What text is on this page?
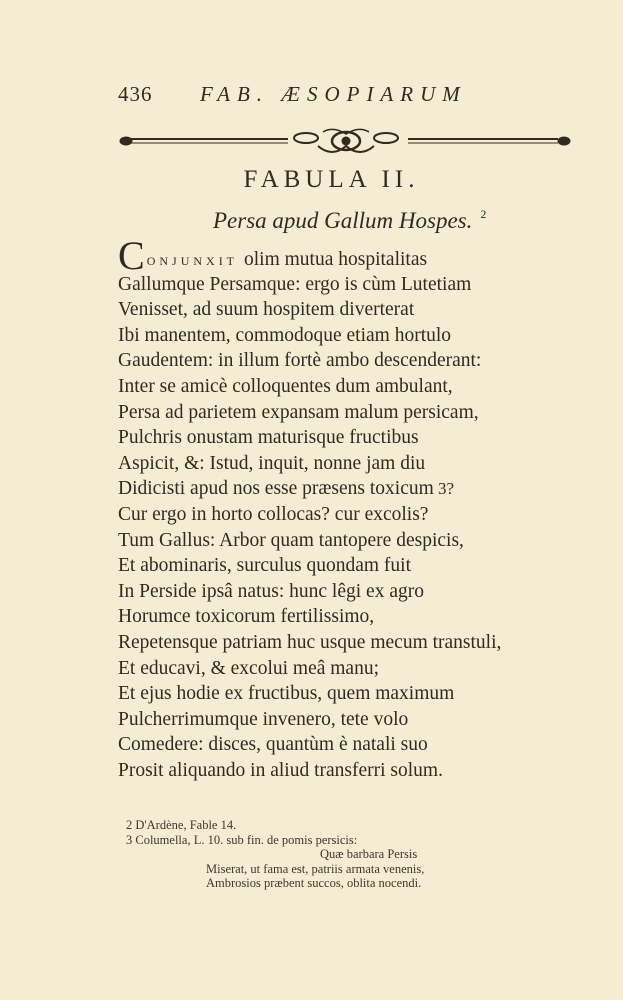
436 FAB. ÆSOPIARUM
FABULA II.
Persa apud Gallum Hospes. $^2$
CONJUNXIT olim mutua hospitalitas
Gallumque Persamque: ergo is cùm Lutetiam
Venisset, ad suum hospitem diverterat
Ibi manentem, commodoque etiam hortulo
Gaudentem: in illum fortè ambo descenderant:
Inter se amicè colloquentes dum ambulant,
Persa ad parietem expansam malum persicam,
Pulchris onustam maturisque fructibus
Aspicit, &: Istud, inquit, nonne jam diu
Didicisti apud nos esse præsens toxicum 3?
Cur ergo in horto collocas? cur excolis?
Tum Gallus: Arbor quam tantopere despicis,
Et abominaris, surculus quondam fuit
In Perside ipsâ natus: hunc lêgi ex agro
Horumce toxicorum fertilissimo,
Repetensque patriam huc usque mecum transtuli,
Et educavi, & excolui meâ manu;
Et ejus hodie ex fructibus, quem maximum
Pulcherrimumque invenero, tete volo
Comedere: disces, quantùm è natali suo
Prosit aliquando in aliud transferri solum.
2 D'Ardène, Fable 14.
3 Columella, L. 10. sub fin. de pomis persicis:
Quæ barbara Persis
Miserat, ut fama est, patriis armata venenis,
Ambrosios præbent succos, oblita nocendi.
